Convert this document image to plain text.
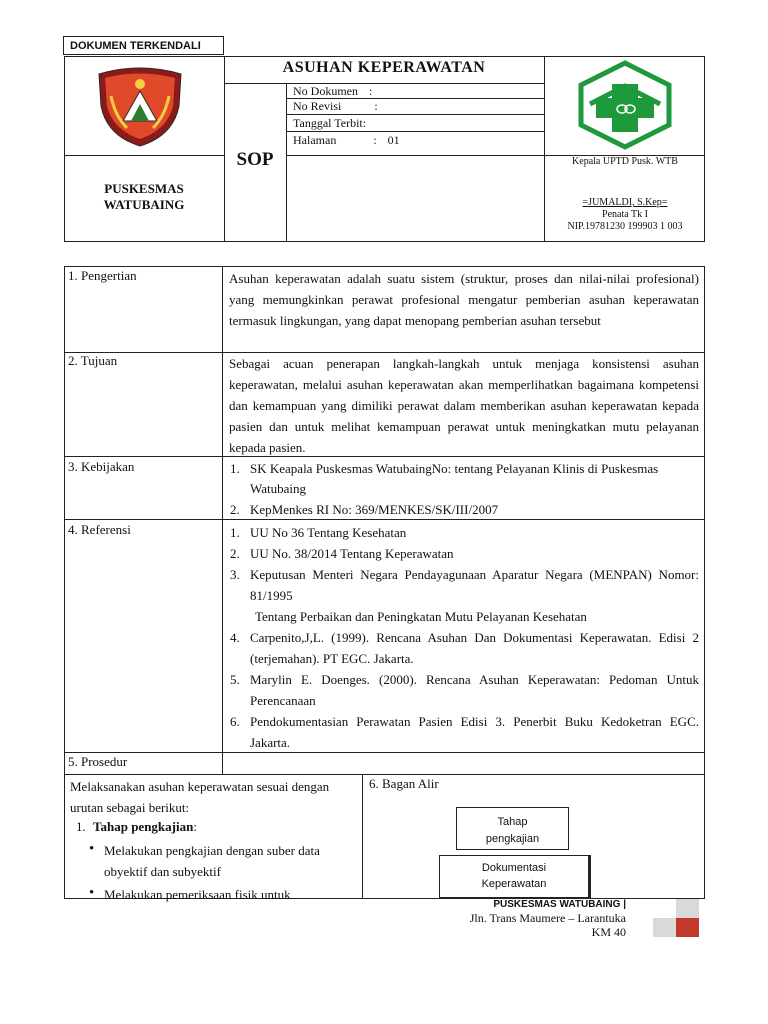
DOKUMEN TERKENDALI
PUSKESMAS
WATUBAING
ASUHAN KEPERAWATAN
SOP
No Dokumen :
No Revisi	:
Tanggal Terbit:
Halaman	: 01
Kepala UPTD Pusk. WTB
=JUMALDI, S.Kep=
Penata Tk I
NIP.19781230 199903 1 003
1. Pengertian	Asuhan keperawatan adalah suatu sistem (struktur, proses dan nilai-nilai profesional) yang memungkinkan perawat profesional mengatur pemberian asuhan keperawatan termasuk lingkungan, yang dapat menopang pemberian asuhan tersebut
2. Tujuan	Sebagai acuan penerapan langkah-langkah untuk menjaga konsistensi asuhan keperawatan, melalui asuhan keperawatan akan memperlihatkan bagaimana kompetensi dan kemampuan yang dimiliki perawat dalam memberikan asuhan keperawatan kepada pasien dan untuk melihat kemampuan perawat untuk meningkatkan mutu pelayanan kepada pasien.
3. Kebijakan	1. SK Keapala Puskesmas WatubaingNo: tentang Pelayanan Klinis di Puskesmas Watubaing
2. KepMenkes RI No: 369/MENKES/SK/III/2007
4. Referensi	1. UU No 36 Tentang Kesehatan
2. UU No. 38/2014 Tentang Keperawatan
3. Keputusan Menteri Negara Pendayagunaan Aparatur Negara (MENPAN) Nomor: 81/1995
Tentang Perbaikan dan Peningkatan Mutu Pelayanan Kesehatan
4. Carpenito,J,L. (1999). Rencana Asuhan Dan Dokumentasi Keperawatan. Edisi 2 (terjemahan). PT EGC. Jakarta.
5. Marylin E. Doenges. (2000). Rencana Asuhan Keperawatan: Pedoman Untuk Perencanaan
6. Pendokumentasian Perawatan Pasien Edisi 3. Penerbit Buku Kedoketran EGC. Jakarta.
5. Prosedur
Melaksanakan asuhan keperawatan sesuai dengan urutan sebagai berikut:
1. Tahap pengkajian:
• Melakukan pengkajian dengan suber data obyektif dan subyektif
• Melakukan pemeriksaan fisik untuk
6. Bagan Alir
Tahap pengkajian
Dokumentasi Keperawatan
PUSKESMAS WATUBAING |
Jln. Trans Maumere – Larantuka
KM 40
